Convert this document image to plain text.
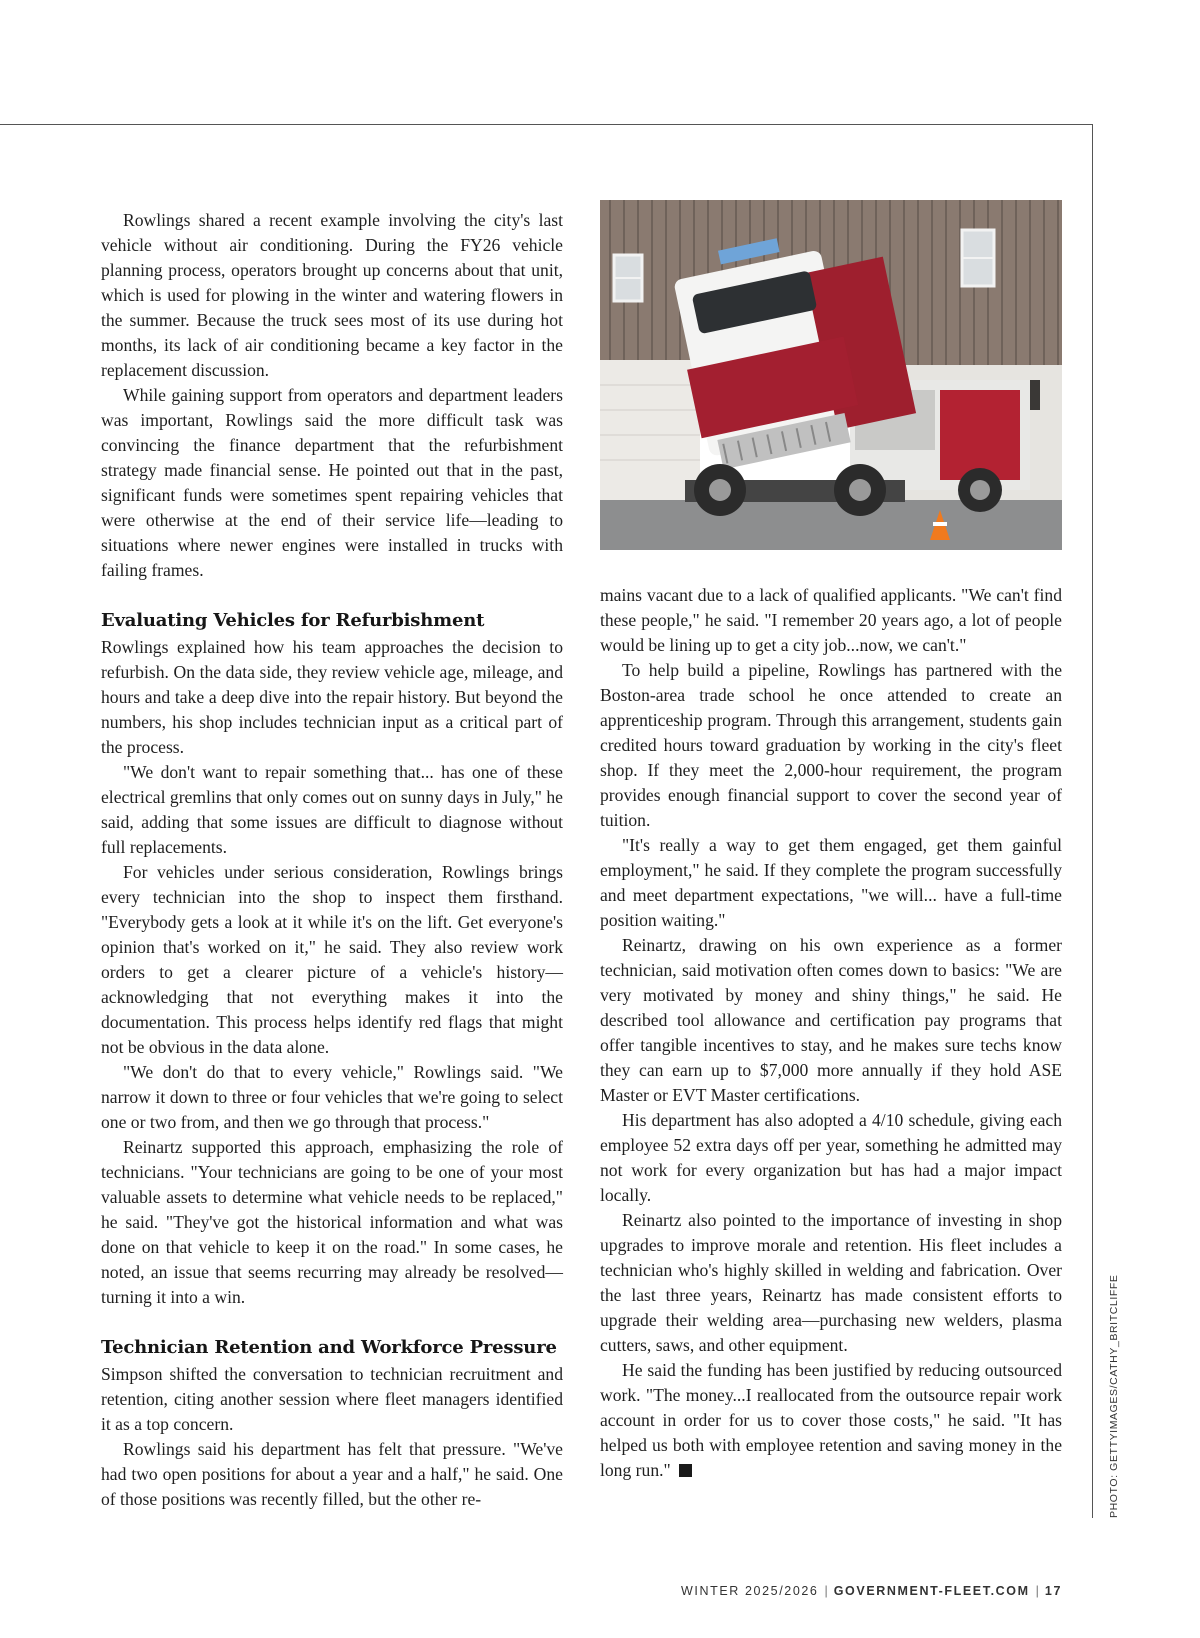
Rowlings shared a recent example involving the city's last vehicle without air conditioning. During the FY26 vehicle planning process, operators brought up concerns about that unit, which is used for plowing in the winter and watering flowers in the summer. Because the truck sees most of its use during hot months, its lack of air conditioning became a key factor in the replacement discussion.

While gaining support from operators and department leaders was important, Rowlings said the more difficult task was convincing the finance department that the refurbishment strategy made financial sense. He pointed out that in the past, significant funds were sometimes spent repairing vehicles that were otherwise at the end of their service life—leading to situations where newer engines were installed in trucks with failing frames.

Evaluating Vehicles for Refurbishment

Rowlings explained how his team approaches the decision to refurbish. On the data side, they review vehicle age, mileage, and hours and take a deep dive into the repair history. But beyond the numbers, his shop includes technician input as a critical part of the process.

"We don't want to repair something that... has one of these electrical gremlins that only comes out on sunny days in July," he said, adding that some issues are difficult to diagnose without full replacements.

For vehicles under serious consideration, Rowlings brings every technician into the shop to inspect them firsthand. "Everybody gets a look at it while it's on the lift. Get everyone's opinion that's worked on it," he said. They also review work orders to get a clearer picture of a vehicle's history—acknowledging that not everything makes it into the documentation. This process helps identify red flags that might not be obvious in the data alone.

"We don't do that to every vehicle," Rowlings said. "We narrow it down to three or four vehicles that we're going to select one or two from, and then we go through that process."

Reinartz supported this approach, emphasizing the role of technicians. "Your technicians are going to be one of your most valuable assets to determine what vehicle needs to be replaced," he said. "They've got the historical information and what was done on that vehicle to keep it on the road." In some cases, he noted, an issue that seems recurring may already be resolved—turning it into a win.

Technician Retention and Workforce Pressure

Simpson shifted the conversation to technician recruitment and retention, citing another session where fleet managers identified it as a top concern.

Rowlings said his department has felt that pressure. "We've had two open positions for about a year and a half," he said. One of those positions was recently filled, but the other re-

mains vacant due to a lack of qualified applicants. "We can't find these people," he said. "I remember 20 years ago, a lot of people would be lining up to get a city job...now, we can't."

To help build a pipeline, Rowlings has partnered with the Boston-area trade school he once attended to create an apprenticeship program. Through this arrangement, students gain credited hours toward graduation by working in the city's fleet shop. If they meet the 2,000-hour requirement, the program provides enough financial support to cover the second year of tuition.

"It's really a way to get them engaged, get them gainful employment," he said. If they complete the program successfully and meet department expectations, "we will... have a full-time position waiting."

Reinartz, drawing on his own experience as a former technician, said motivation often comes down to basics: "We are very motivated by money and shiny things," he said. He described tool allowance and certification pay programs that offer tangible incentives to stay, and he makes sure techs know they can earn up to $7,000 more annually if they hold ASE Master or EVT Master certifications.

His department has also adopted a 4/10 schedule, giving each employee 52 extra days off per year, something he admitted may not work for every organization but has had a major impact locally.

Reinartz also pointed to the importance of investing in shop upgrades to improve morale and retention. His fleet includes a technician who's highly skilled in welding and fabrication. Over the last three years, Reinartz has made consistent efforts to upgrade their welding area—purchasing new welders, plasma cutters, saws, and other equipment.

He said the funding has been justified by reducing outsourced work. "The money...I reallocated from the outsource repair work account in order for us to cover those costs," he said. "It has helped us both with employee retention and saving money in the long run."	PHOTO: GETTYIMAGES/CATHY_BRITCLIFFE
WINTER 2025/2026 | GOVERNMENT-FLEET.COM | 17
